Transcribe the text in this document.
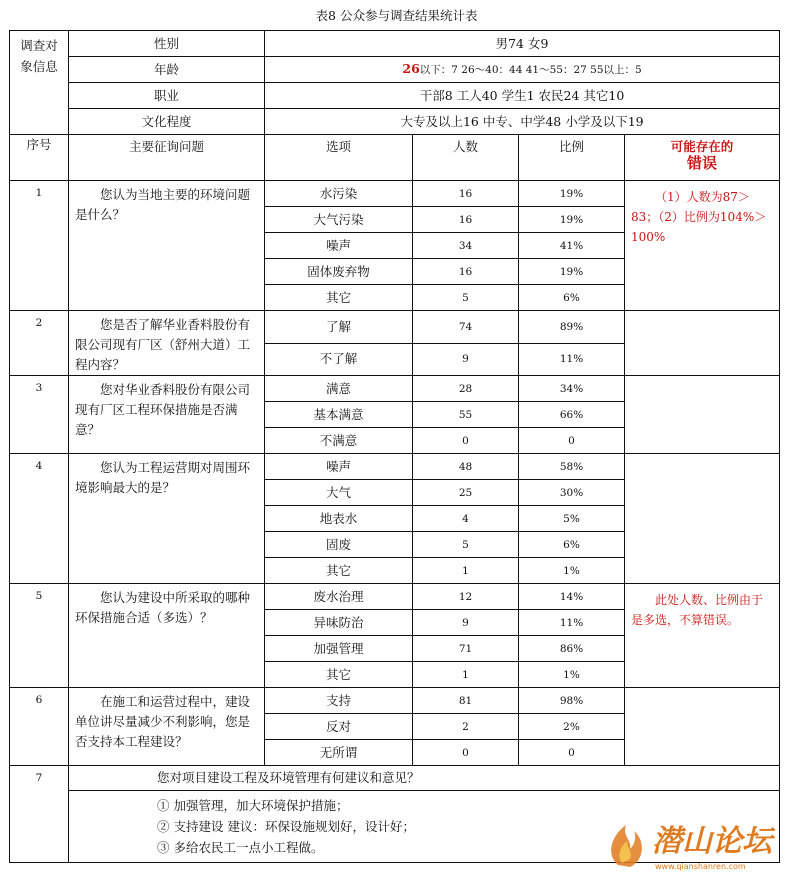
表8 公众参与调查结果统计表
调查对象信息	性别	男74 女9			
	年龄	26以下：7 26～40：44 41～55：27 55以上：5			
	职业	干部8 工人40 学生1 农民24 其它10			
	文化程度	大专及以上16 中专、中学48 小学及以下19			
序号	主要征询问题	选项	人数	比例	可能存在的
错误

1	您认为当地主要的环境问题是什么？	水污染	16	19%	（1）人数为87＞83；（2）比例为104%＞100%
		大气污染	16	19%	
		噪声	34	41%	
		固体废弃物	16	19%	
		其它	5	6%	
2	您是否了解华业香料股份有限公司现有厂区（舒州大道）工程内容？	了解	74	89%	
		不了解	9	11%	
3	您对华业香料股份有限公司现有厂区工程环保措施是否满意？	满意	28	34%	
		基本满意	55	66%	
		不满意	0	0	
4	您认为工程运营期对周围环境影响最大的是？	噪声	48	58%	
		大气	25	30%	
		地表水	4	5%	
		固废	5	6%	
		其它	1	1%	
5	您认为建设中所采取的哪种环保措施合适（多选）？	废水治理	12	14%	此处人数、比例由于是多选，不算错误。
		异味防治	9	11%	
		加强管理	71	86%	
		其它	1	1%	
6	在施工和运营过程中，建设单位讲尽量减少不利影响，您是否支持本工程建设？	支持	81	98%	
		反对	2	2%	
		无所谓	0	0	
7	您对项目建设工程及环境管理有何建议和意见？				

	① 加强管理，加大环境保护措施；
② 支持建设 建议：环保设施规划好，设计好；
③ 多给农民工一点小工程做。					潜山论坛
www.qianshanren.com
